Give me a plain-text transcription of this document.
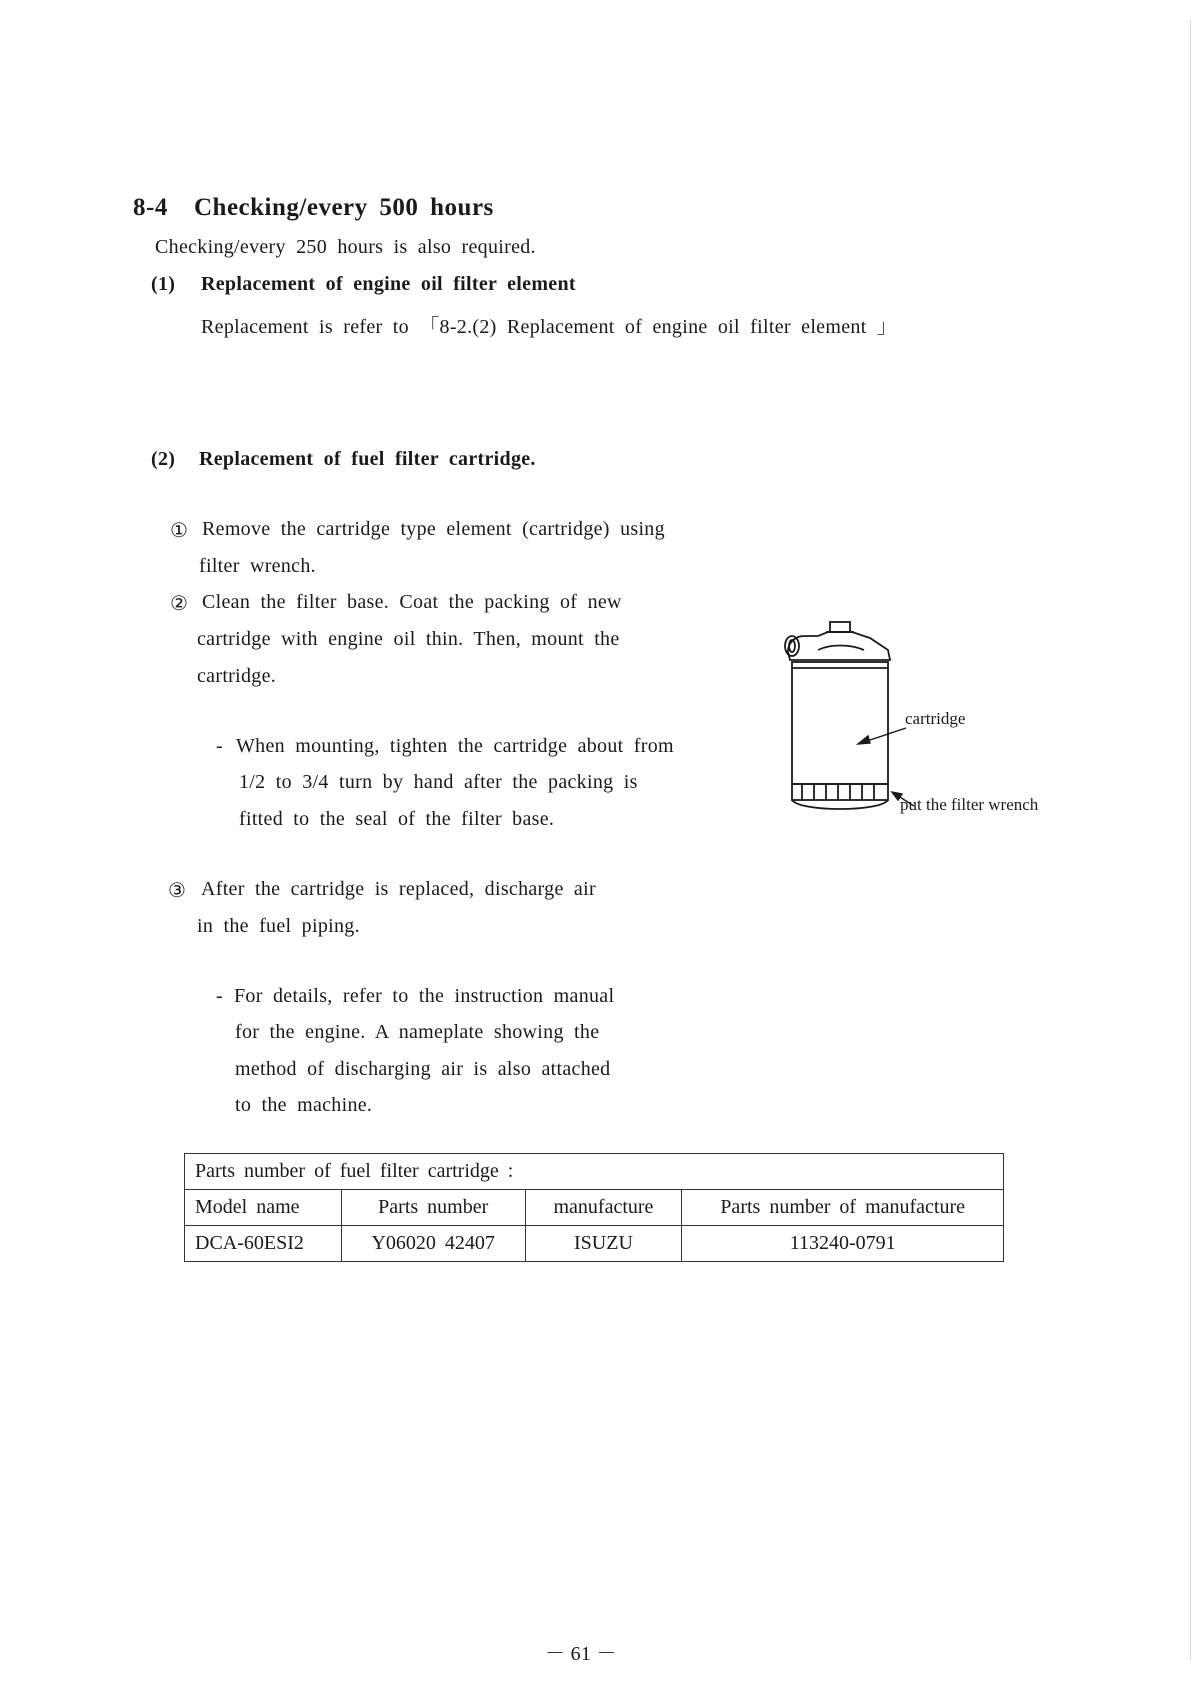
8-4 Checking/every 500 hours
Checking/every 250 hours is also required.
(1) Replacement of engine oil filter element
Replacement is refer to 「8-2.(2) Replacement of engine oil filter element 」
(2) Replacement of fuel filter cartridge.
① Remove the cartridge type element (cartridge) using
filter wrench.
② Clean the filter base. Coat the packing of new
cartridge with engine oil thin. Then, mount the
cartridge.
- When mounting, tighten the cartridge about from
1/2 to 3/4 turn by hand after the packing is
fitted to the seal of the filter base.
③ After the cartridge is replaced, discharge air
in the fuel piping.
- For details, refer to the instruction manual
for the engine. A nameplate showing the
method of discharging air is also attached
to the machine.
cartridge
put the filter wrench
Parts number of fuel filter cartridge :			
Model name	Parts number	manufacture	Parts number of manufacture
DCA-60ESI2	Y06020 42407	ISUZU	113240-0791
－ 61 －
